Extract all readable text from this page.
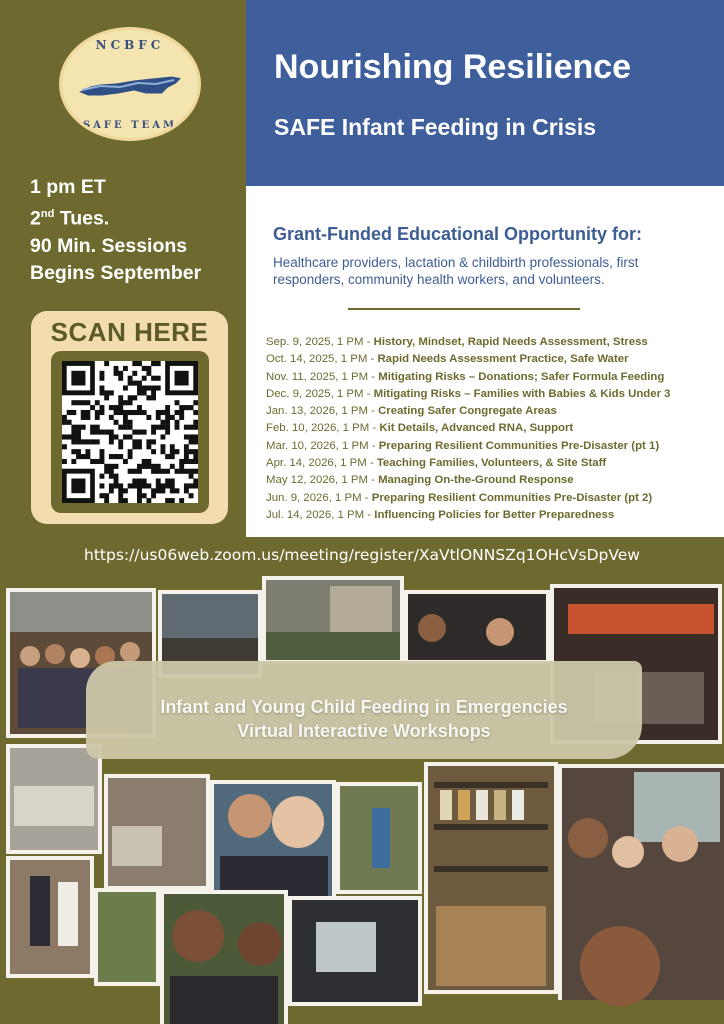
NCBFC
SAFE TEAM
1 pm ET
2nd Tues.
90 Min. Sessions
Begins September
SCAN HERE
Nourishing Resilience
SAFE Infant Feeding in Crisis
Grant-Funded Educational Opportunity for:
Healthcare providers, lactation & childbirth professionals, first responders, community health workers, and volunteers.
Sep. 9, 2025, 1 PM - History, Mindset, Rapid Needs Assessment, Stress
Oct. 14, 2025, 1 PM - Rapid Needs Assessment Practice, Safe Water
Nov. 11, 2025, 1 PM - Mitigating Risks – Donations; Safer Formula Feeding
Dec. 9, 2025, 1 PM - Mitigating Risks – Families with Babies & Kids Under 3
Jan. 13, 2026, 1 PM - Creating Safer Congregate Areas
Feb. 10, 2026, 1 PM - Kit Details, Advanced RNA, Support
Mar. 10, 2026, 1 PM - Preparing Resilient Communities Pre-Disaster (pt 1)
Apr. 14, 2026, 1 PM - Teaching Families, Volunteers, & Site Staff
May 12, 2026, 1 PM - Managing On-the-Ground Response
Jun. 9, 2026, 1 PM - Preparing Resilient Communities Pre-Disaster (pt 2)
Jul. 14, 2026, 1 PM - Influencing Policies for Better Preparedness
https://us06web.zoom.us/meeting/register/XaVtlONNSZq1OHcVsDpVew
Infant and Young Child Feeding in Emergencies
Virtual Interactive Workshops
